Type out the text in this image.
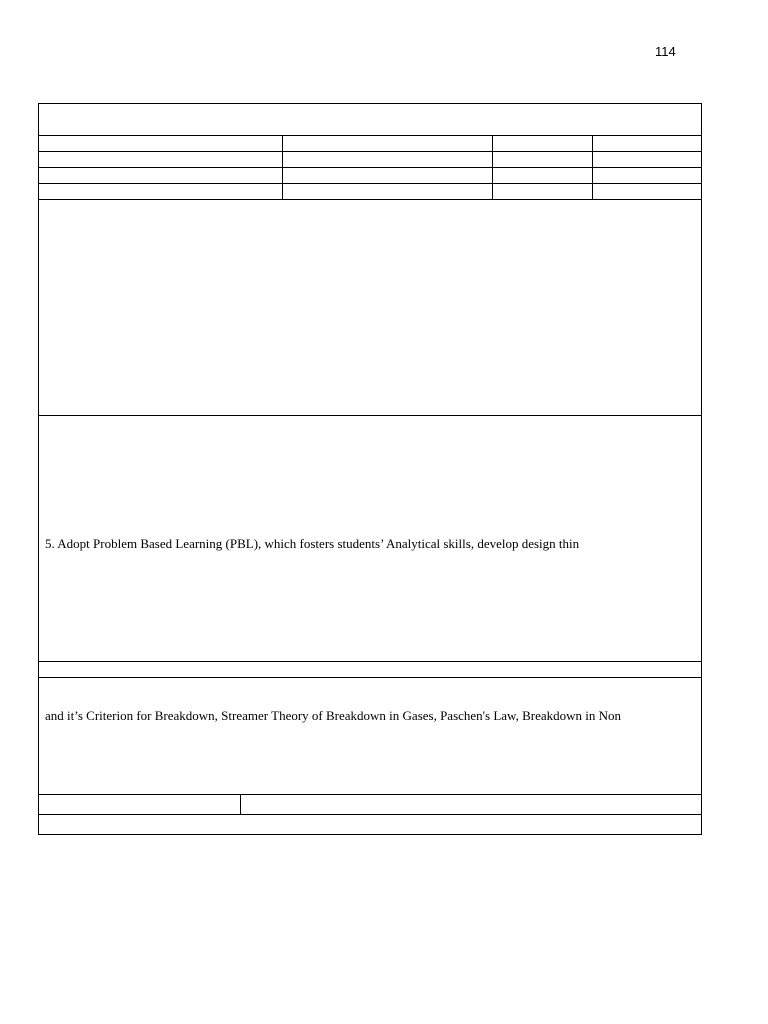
114
5. Adopt Problem Based Learning (PBL), which fosters students’ Analytical skills, develop design thin
and it’s Criterion for Breakdown, Streamer Theory of Breakdown in Gases, Paschen's Law, Breakdown in Non
